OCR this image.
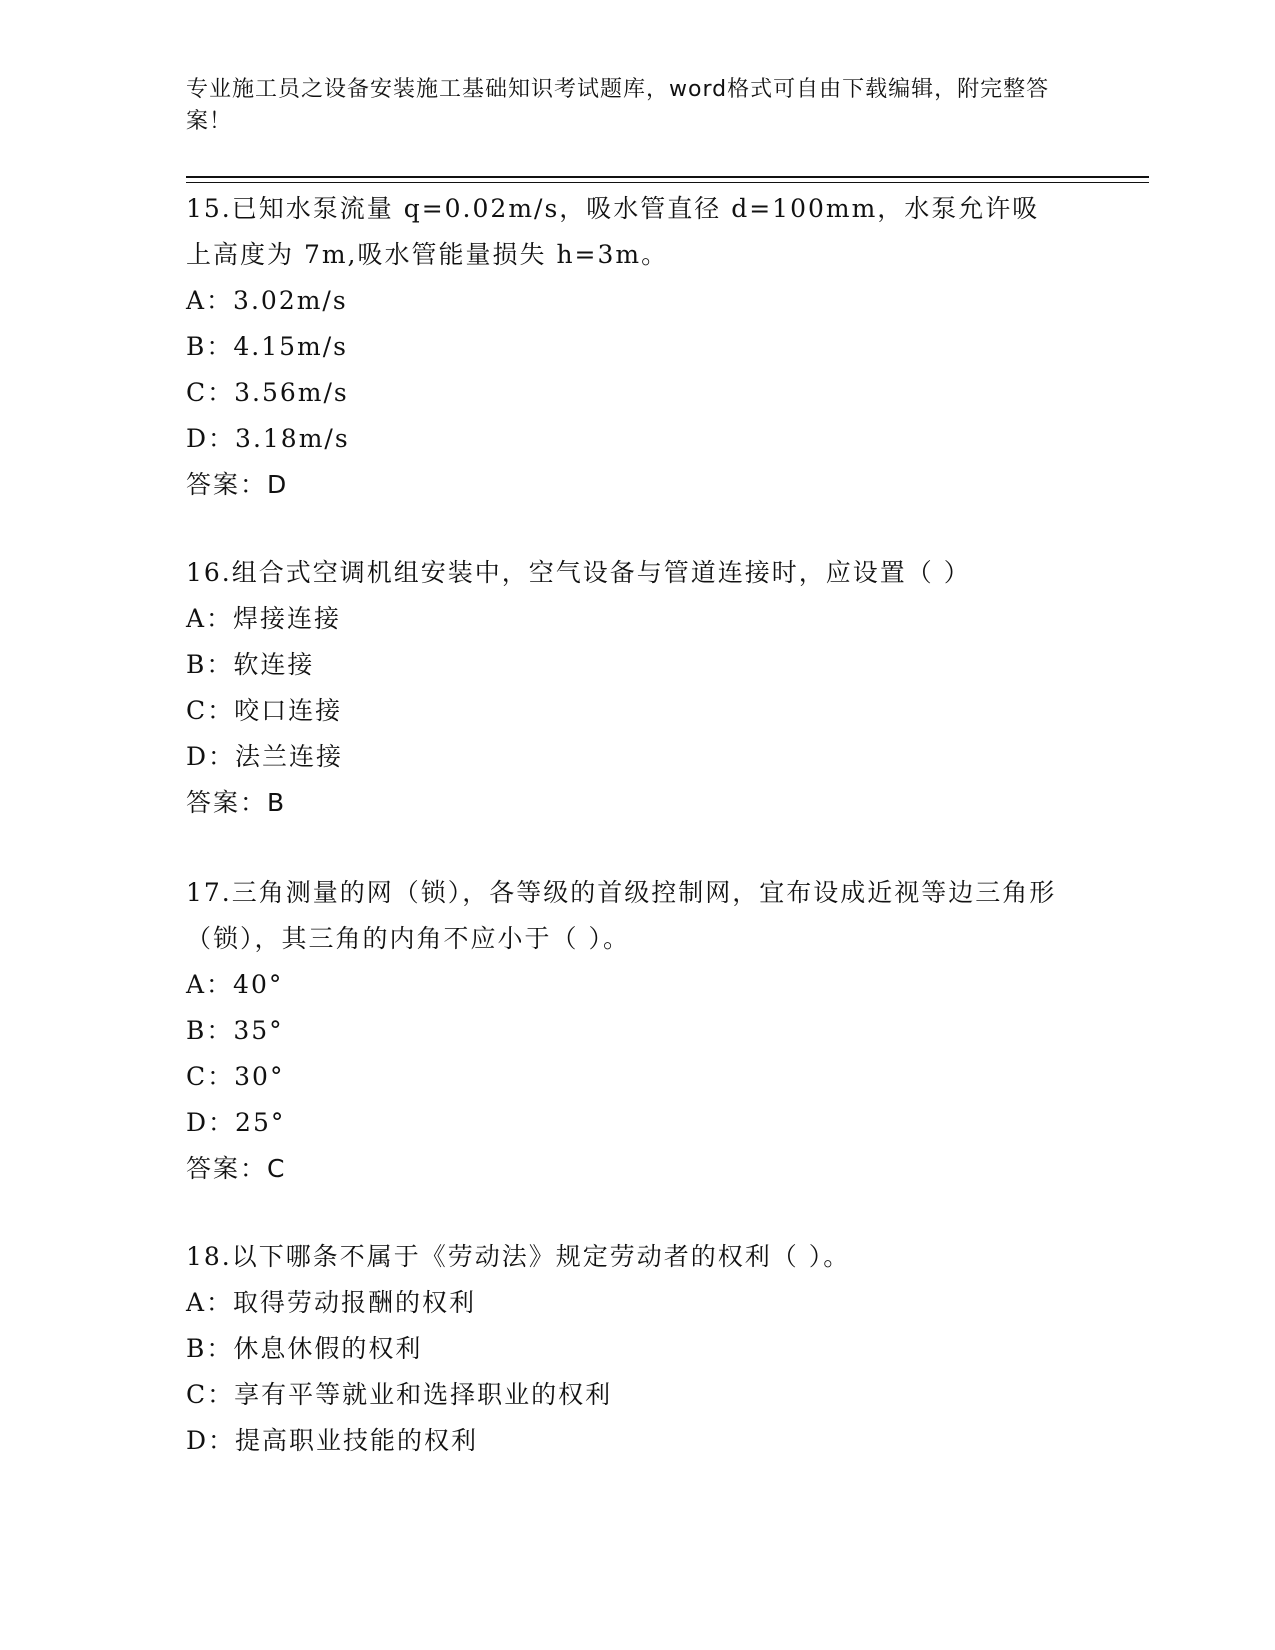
专业施工员之设备安装施工基础知识考试题库，word格式可自由下载编辑，附完整答案！
15.已知水泵流量 q=0.02m/s，吸水管直径 d=100mm，水泵允许吸上高度为 7m,吸水管能量损失 h=3m。
A：3.02m/s
B：4.15m/s
C：3.56m/s
D：3.18m/s
答案：D
16.组合式空调机组安装中，空气设备与管道连接时，应设置（ ）
A：焊接连接
B：软连接
C：咬口连接
D：法兰连接
答案：B
17.三角测量的网（锁），各等级的首级控制网，宜布设成近视等边三角形（锁），其三角的内角不应小于（ ）。
A：40°
B：35°
C：30°
D：25°
答案：C
18.以下哪条不属于《劳动法》规定劳动者的权利（ ）。
A：取得劳动报酬的权利
B：休息休假的权利
C：享有平等就业和选择职业的权利
D：提高职业技能的权利
